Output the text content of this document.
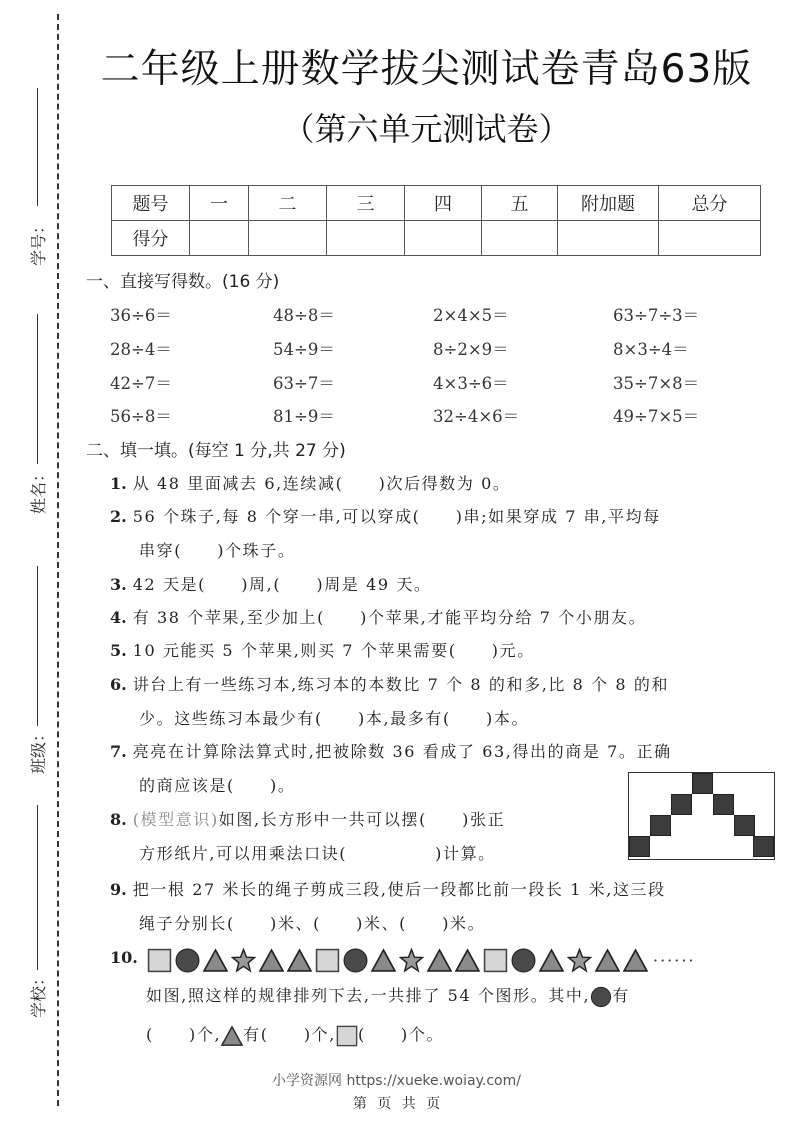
学号：
姓名：
班级：
学校：
二年级上册数学拔尖测试卷青岛63版
（第六单元测试卷）
题号	一	二	三	四	五	附加题	总分
得分							
一、直接写得数。(16 分)
36÷6＝	48÷8＝	2×4×5＝	63÷7÷3＝
28÷4＝	54÷9＝	8÷2×9＝	8×3÷4＝
42÷7＝	63÷7＝	4×3÷6＝	35÷7×8＝
56÷8＝	81÷9＝	32÷4×6＝	49÷7×5＝
二、填一填。(每空 1 分,共 27 分)
1. 从 48 里面减去 6,连续减(　　)次后得数为 0。
2. 56 个珠子,每 8 个穿一串,可以穿成(　　)串;如果穿成 7 串,平均每
串穿(　　)个珠子。
3. 42 天是(　　)周,(　　)周是 49 天。
4. 有 38 个苹果,至少加上(　　)个苹果,才能平均分给 7 个小朋友。
5. 10 元能买 5 个苹果,则买 7 个苹果需要(　　)元。
6. 讲台上有一些练习本,练习本的本数比 7 个 8 的和多,比 8 个 8 的和
少。这些练习本最少有(　　)本,最多有(　　)本。
7. 亮亮在计算除法算式时,把被除数 36 看成了 63,得出的商是 7。正确
的商应该是(　　)。
8. (模型意识)如图,长方形中一共可以摆(　　)张正
方形纸片,可以用乘法口诀(　　　　　)计算。
9. 把一根 27 米长的绳子剪成三段,使后一段都比前一段长 1 米,这三段
绳子分别长(　　)米、(　　)米、(　　)米。
10.	······
如图,照这样的规律排列下去,一共排了 54 个图形。其中, 有
(　　)个, 有(　　)个, (　　)个。
小学资源网 https://xueke.woiay.com/
第 页 共 页
